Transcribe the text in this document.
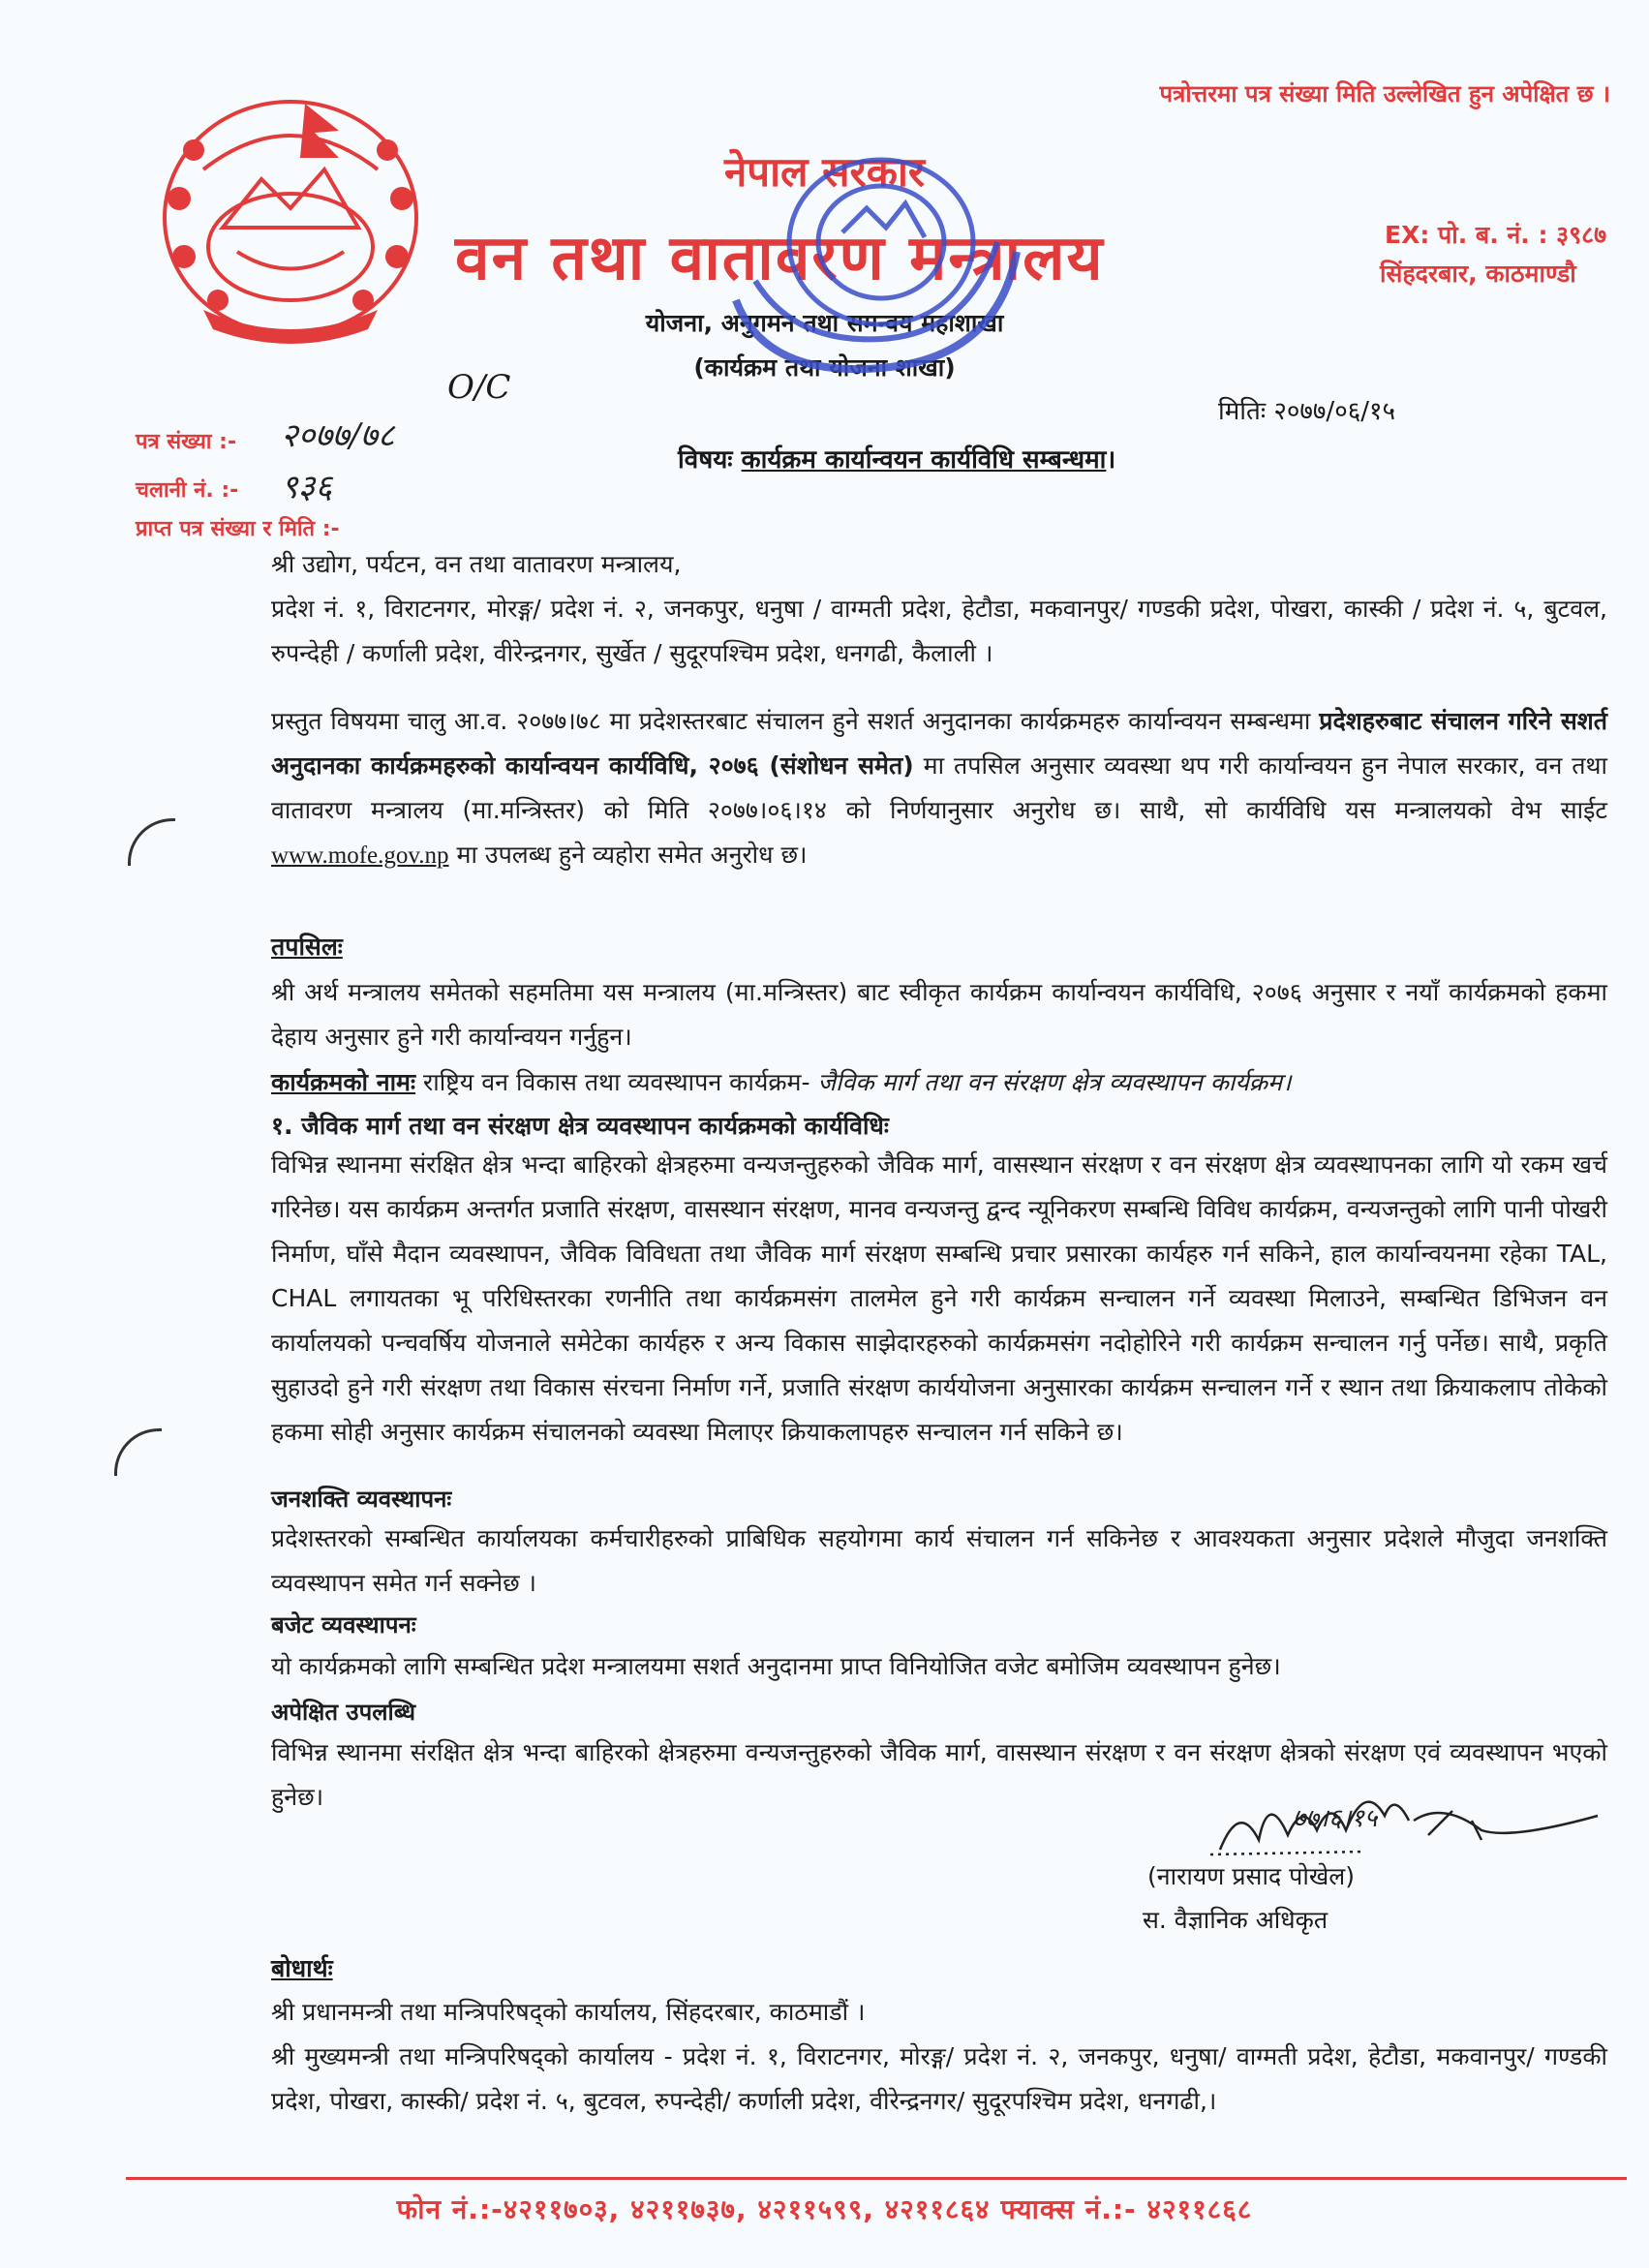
पत्रोत्तरमा पत्र संख्या मिति उल्लेखित हुन अपेक्षित छ ।
नेपाल सरकार
वन तथा वातावरण मन्त्रालय
योजना, अनुगमन तथा समन्वय महाशाखा
(कार्यक्रम तथा योजना शाखा)
EX: पो. ब. नं. : ३९८७
सिंहदरबार, काठमाण्डौ
O/C
मितिः २०७७/०६/१५
पत्र संख्या :- २०७७/७८
चलानी नं. :- ९३६
प्राप्त पत्र संख्या र मिति :-
विषयः कार्यक्रम कार्यान्वयन कार्यविधि सम्बन्धमा।
श्री उद्योग, पर्यटन, वन तथा वातावरण मन्त्रालय,
प्रदेश नं. १, विराटनगर, मोरङ्ग/ प्रदेश नं. २, जनकपुर, धनुषा / वाग्मती प्रदेश, हेटौडा, मकवानपुर/ गण्डकी प्रदेश, पोखरा, कास्की / प्रदेश नं. ५, बुटवल, रुपन्देही / कर्णाली प्रदेश, वीरेन्द्रनगर, सुर्खेत / सुदूरपश्चिम प्रदेश, धनगढी, कैलाली ।
प्रस्तुत विषयमा चालु आ.व. २०७७।७८ मा प्रदेशस्तरबाट संचालन हुने सशर्त अनुदानका कार्यक्रमहरु कार्यान्वयन सम्बन्धमा प्रदेशहरुबाट संचालन गरिने सशर्त अनुदानका कार्यक्रमहरुको कार्यान्वयन कार्यविधि, २०७६ (संशोधन समेत) मा तपसिल अनुसार व्यवस्था थप गरी कार्यान्वयन हुन नेपाल सरकार, वन तथा वातावरण मन्त्रालय (मा.मन्त्रिस्तर) को मिति २०७७।०६।१४ को निर्णयानुसार अनुरोध छ। साथै, सो कार्यविधि यस मन्त्रालयको वेभ साईट www.mofe.gov.np मा उपलब्ध हुने व्यहोरा समेत अनुरोध छ।
तपसिलः
श्री अर्थ मन्त्रालय समेतको सहमतिमा यस मन्त्रालय (मा.मन्त्रिस्तर) बाट स्वीकृत कार्यक्रम कार्यान्वयन कार्यविधि, २०७६ अनुसार र नयाँ कार्यक्रमको हकमा देहाय अनुसार हुने गरी कार्यान्वयन गर्नुहुन।
कार्यक्रमको नामः राष्ट्रिय वन विकास तथा व्यवस्थापन कार्यक्रम- जैविक मार्ग तथा वन संरक्षण क्षेत्र व्यवस्थापन कार्यक्रम।
१. जैविक मार्ग तथा वन संरक्षण क्षेत्र व्यवस्थापन कार्यक्रमको कार्यविधिः
विभिन्न स्थानमा संरक्षित क्षेत्र भन्दा बाहिरको क्षेत्रहरुमा वन्यजन्तुहरुको जैविक मार्ग, वासस्थान संरक्षण र वन संरक्षण क्षेत्र व्यवस्थापनका लागि यो रकम खर्च गरिनेछ। यस कार्यक्रम अन्तर्गत प्रजाति संरक्षण, वासस्थान संरक्षण, मानव वन्यजन्तु द्वन्द न्यूनिकरण सम्बन्धि विविध कार्यक्रम, वन्यजन्तुको लागि पानी पोखरी निर्माण, घाँसे मैदान व्यवस्थापन, जैविक विविधता तथा जैविक मार्ग संरक्षण सम्बन्धि प्रचार प्रसारका कार्यहरु गर्न सकिने, हाल कार्यान्वयनमा रहेका TAL, CHAL लगायतका भू परिधिस्तरका रणनीति तथा कार्यक्रमसंग तालमेल हुने गरी कार्यक्रम सन्चालन गर्ने व्यवस्था मिलाउने, सम्बन्धित डिभिजन वन कार्यालयको पन्चवर्षिय योजनाले समेटेका कार्यहरु र अन्य विकास साझेदारहरुको कार्यक्रमसंग नदोहोरिने गरी कार्यक्रम सन्चालन गर्नु पर्नेछ। साथै, प्रकृति सुहाउदो हुने गरी संरक्षण तथा विकास संरचना निर्माण गर्ने, प्रजाति संरक्षण कार्ययोजना अनुसारका कार्यक्रम सन्चालन गर्ने र स्थान तथा क्रियाकलाप तोकेको हकमा सोही अनुसार कार्यक्रम संचालनको व्यवस्था मिलाएर क्रियाकलापहरु सन्चालन गर्न सकिने छ।
जनशक्ति व्यवस्थापनः
प्रदेशस्तरको सम्बन्धित कार्यालयका कर्मचारीहरुको प्राबिधिक सहयोगमा कार्य संचालन गर्न सकिनेछ र आवश्यकता अनुसार प्रदेशले मौजुदा जनशक्ति व्यवस्थापन समेत गर्न सक्नेछ ।
बजेट व्यवस्थापनः
यो कार्यक्रमको लागि सम्बन्धित प्रदेश मन्त्रालयमा सशर्त अनुदानमा प्राप्त विनियोजित वजेट बमोजिम व्यवस्थापन हुनेछ।
अपेक्षित उपलब्धि
विभिन्न स्थानमा संरक्षित क्षेत्र भन्दा बाहिरको क्षेत्रहरुमा वन्यजन्तुहरुको जैविक मार्ग, वासस्थान संरक्षण र वन संरक्षण क्षेत्रको संरक्षण एवं व्यवस्थापन भएको हुनेछ।
७७।६।१५
(नारायण प्रसाद पोखेल)
स. वैज्ञानिक अधिकृत
बोधार्थः
श्री प्रधानमन्त्री तथा मन्त्रिपरिषद्को कार्यालय, सिंहदरबार, काठमाडौं ।
श्री मुख्यमन्त्री तथा मन्त्रिपरिषद्को कार्यालय - प्रदेश नं. १, विराटनगर, मोरङ्ग/ प्रदेश नं. २, जनकपुर, धनुषा/ वाग्मती प्रदेश, हेटौडा, मकवानपुर/ गण्डकी प्रदेश, पोखरा, कास्की/ प्रदेश नं. ५, बुटवल, रुपन्देही/ कर्णाली प्रदेश, वीरेन्द्रनगर/ सुदूरपश्चिम प्रदेश, धनगढी,।
फोन नं.:-४२११७०३, ४२११७३७, ४२११५९९, ४२११८६४ फ्याक्स नं.:- ४२११८६८
